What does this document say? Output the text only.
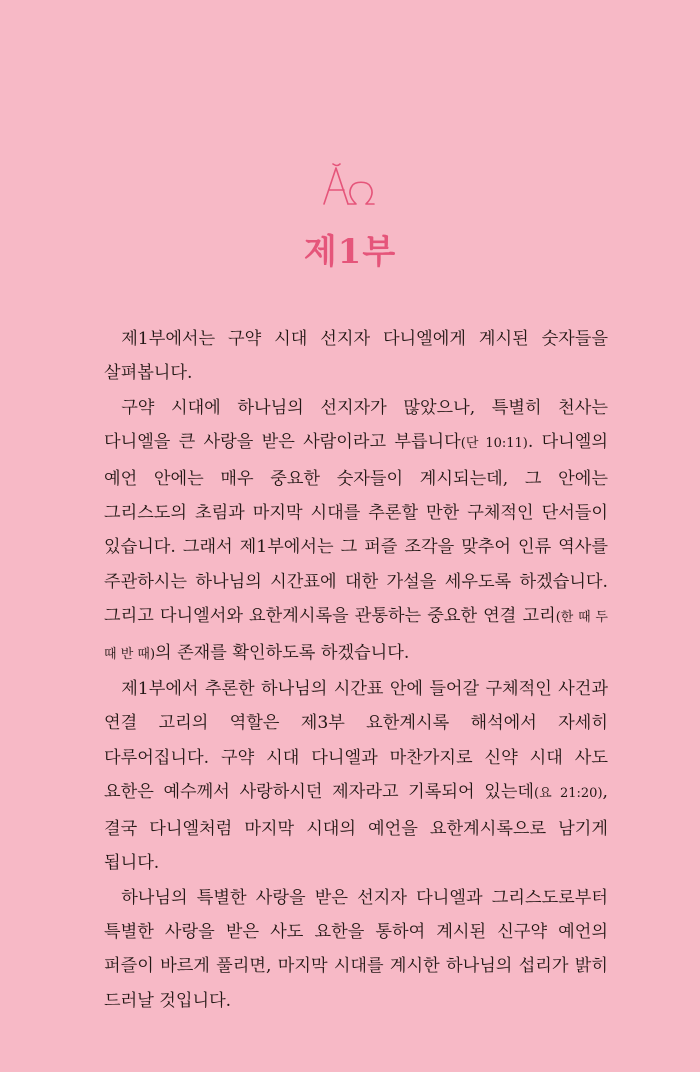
제1부

제1부에서는 구약 시대 선지자 다니엘에게 계시된 숫자들을 살펴봅니다.

구약 시대에 하나님의 선지자가 많았으나, 특별히 천사는 다니엘을 큰 사랑을 받은 사람이라고 부릅니다(단 10:11). 다니엘의 예언 안에는 매우 중요한 숫자들이 계시되는데, 그 안에는 그리스도의 초림과 마지막 시대를 추론할 만한 구체적인 단서들이 있습니다. 그래서 제1부에서는 그 퍼즐 조각을 맞추어 인류 역사를 주관하시는 하나님의 시간표에 대한 가설을 세우도록 하겠습니다. 그리고 다니엘서와 요한계시록을 관통하는 중요한 연결 고리(한 때 두 때 반 때)의 존재를 확인하도록 하겠습니다.

제1부에서 추론한 하나님의 시간표 안에 들어갈 구체적인 사건과 연결 고리의 역할은 제3부 요한계시록 해석에서 자세히 다루어집니다. 구약 시대 다니엘과 마찬가지로 신약 시대 사도 요한은 예수께서 사랑하시던 제자라고 기록되어 있는데(요 21:20), 결국 다니엘처럼 마지막 시대의 예언을 요한계시록으로 남기게 됩니다.

하나님의 특별한 사랑을 받은 선지자 다니엘과 그리스도로부터 특별한 사랑을 받은 사도 요한을 통하여 계시된 신구약 예언의 퍼즐이 바르게 풀리면, 마지막 시대를 계시한 하나님의 섭리가 밝히 드러날 것입니다.
